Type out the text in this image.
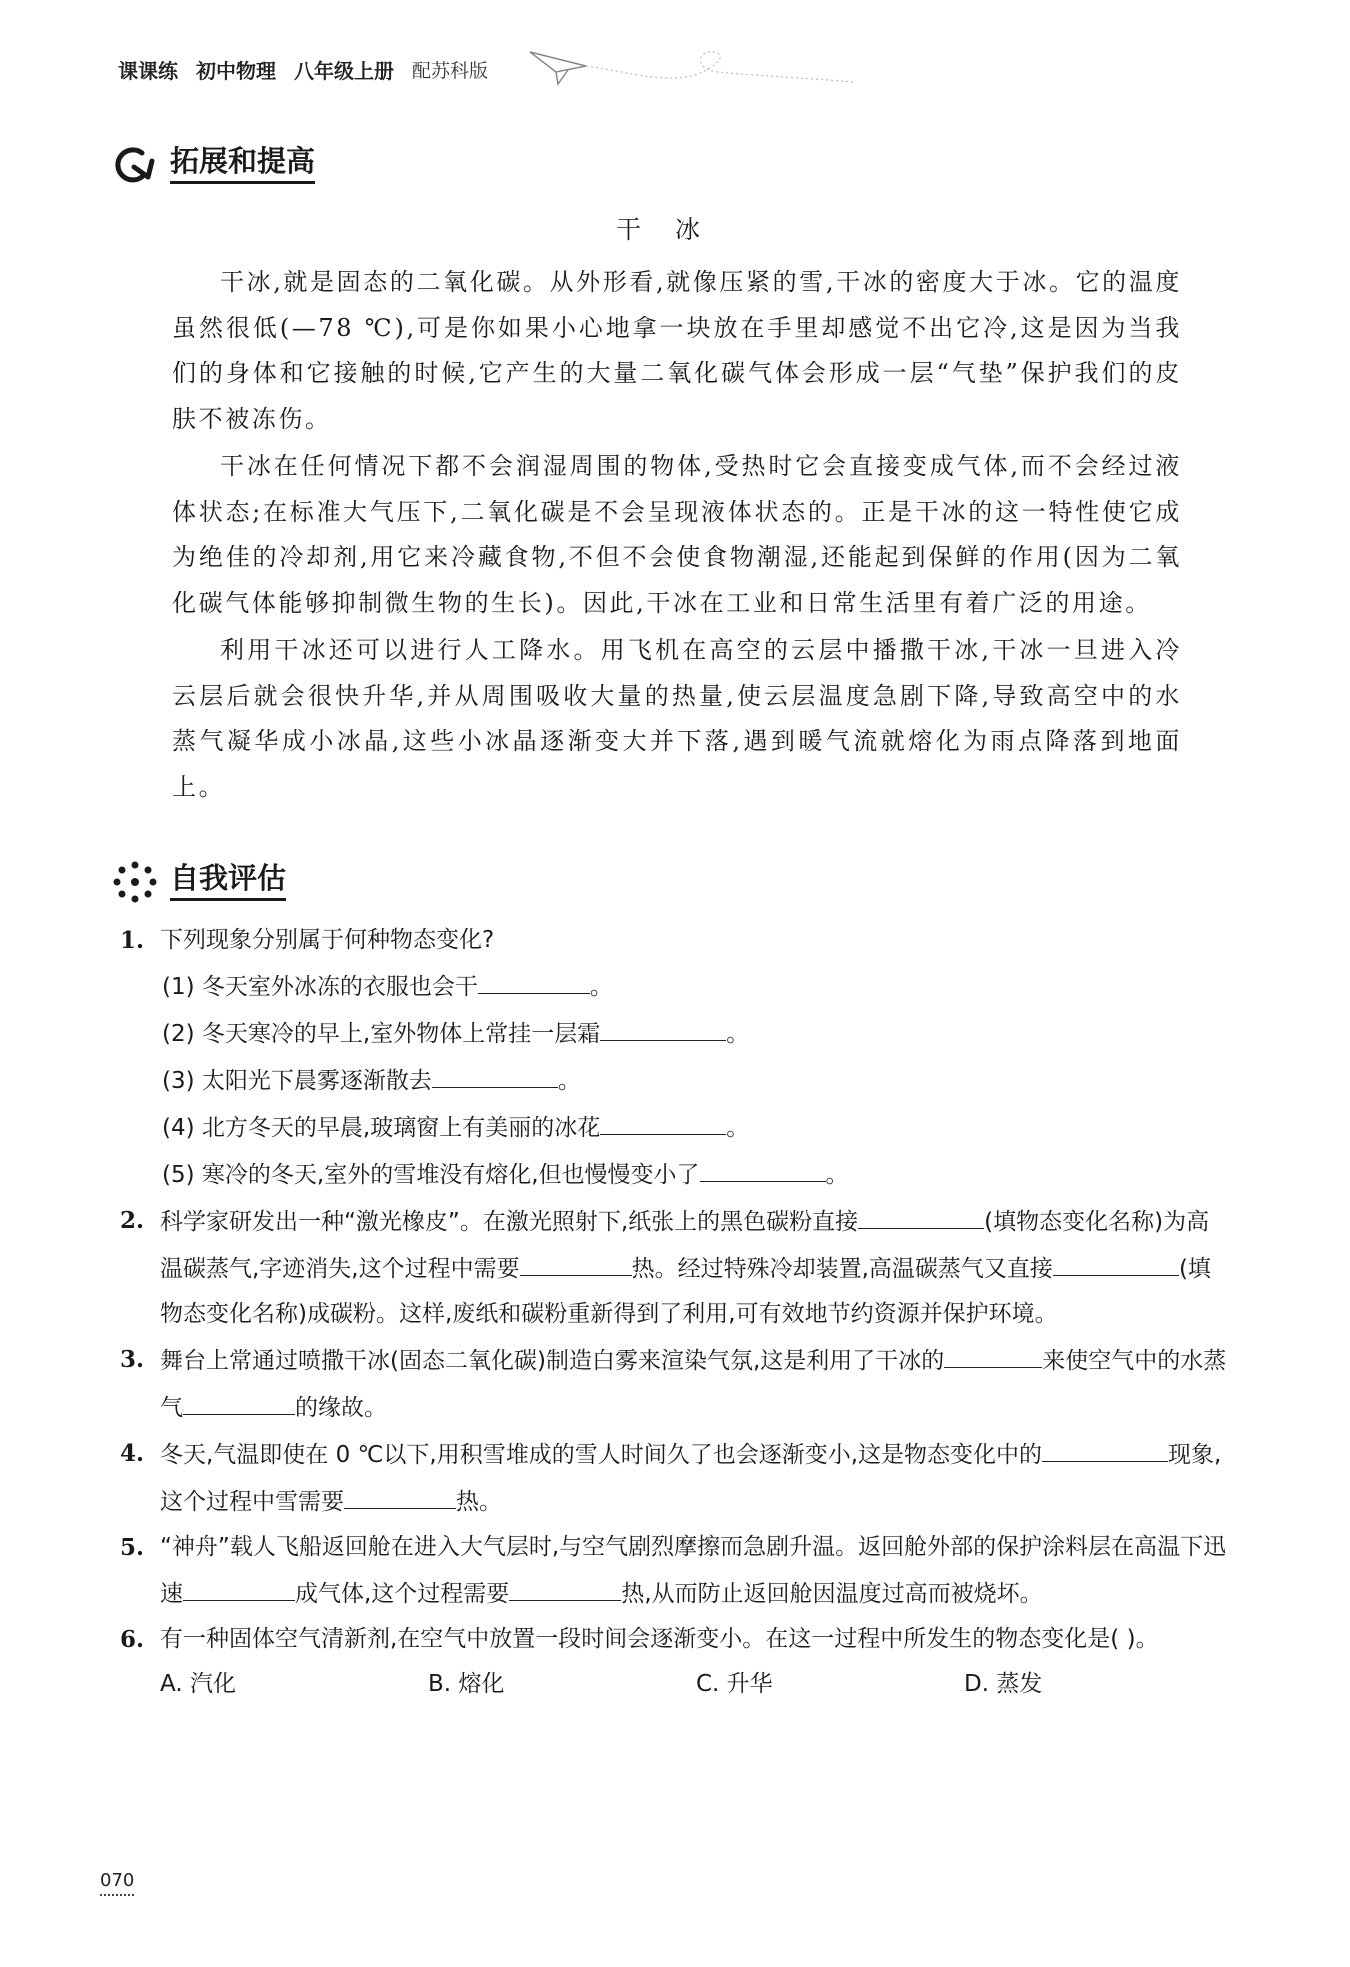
课课练 初中物理 八年级上册 配苏科版
拓展和提高
干冰

干冰,就是固态的二氧化碳。从外形看,就像压紧的雪,干冰的密度大于冰。它的温度虽然很低(—78 ℃),可是你如果小心地拿一块放在手里却感觉不出它冷,这是因为当我们的身体和它接触的时候,它产生的大量二氧化碳气体会形成一层“气垫”保护我们的皮肤不被冻伤。

干冰在任何情况下都不会润湿周围的物体,受热时它会直接变成气体,而不会经过液体状态;在标准大气压下,二氧化碳是不会呈现液体状态的。正是干冰的这一特性使它成为绝佳的冷却剂,用它来冷藏食物,不但不会使食物潮湿,还能起到保鲜的作用(因为二氧化碳气体能够抑制微生物的生长)。因此,干冰在工业和日常生活里有着广泛的用途。

利用干冰还可以进行人工降水。用飞机在高空的云层中播撒干冰,干冰一旦进入冷云层后就会很快升华,并从周围吸收大量的热量,使云层温度急剧下降,导致高空中的水蒸气凝华成小冰晶,这些小冰晶逐渐变大并下落,遇到暖气流就熔化为雨点降落到地面上。

自我评估
1. 下列现象分别属于何种物态变化?
(1) 冬天室外冰冻的衣服也会干	。
(2) 冬天寒冷的早上,室外物体上常挂一层霜	。
(3) 太阳光下晨雾逐渐散去	。
(4) 北方冬天的早晨,玻璃窗上有美丽的冰花	。
(5) 寒冷的冬天,室外的雪堆没有熔化,但也慢慢变小了	。
2. 科学家研发出一种“激光橡皮”。在激光照射下,纸张上的黑色碳粉直接	(填物态变化名称)为高温碳蒸气,字迹消失,这个过程中需要	热。经过特殊冷却装置,高温碳蒸气又直接	(填物态变化名称)成碳粉。这样,废纸和碳粉重新得到了利用,可有效地节约资源并保护环境。
3. 舞台上常通过喷撒干冰(固态二氧化碳)制造白雾来渲染气氛,这是利用了干冰的	来使空气中的水蒸气	的缘故。
4. 冬天,气温即使在 0 ℃以下,用积雪堆成的雪人时间久了也会逐渐变小,这是物态变化中的	现象,这个过程中雪需要	热。
5. “神舟”载人飞船返回舱在进入大气层时,与空气剧烈摩擦而急剧升温。返回舱外部的保护涂料层在高温下迅速	成气体,这个过程需要	热,从而防止返回舱因温度过高而被烧坏。
6. 有一种固体空气清新剂,在空气中放置一段时间会逐渐变小。在这一过程中所发生的物态变化是( )。
A. 汽化	B. 熔化	C. 升华	D. 蒸发
070
